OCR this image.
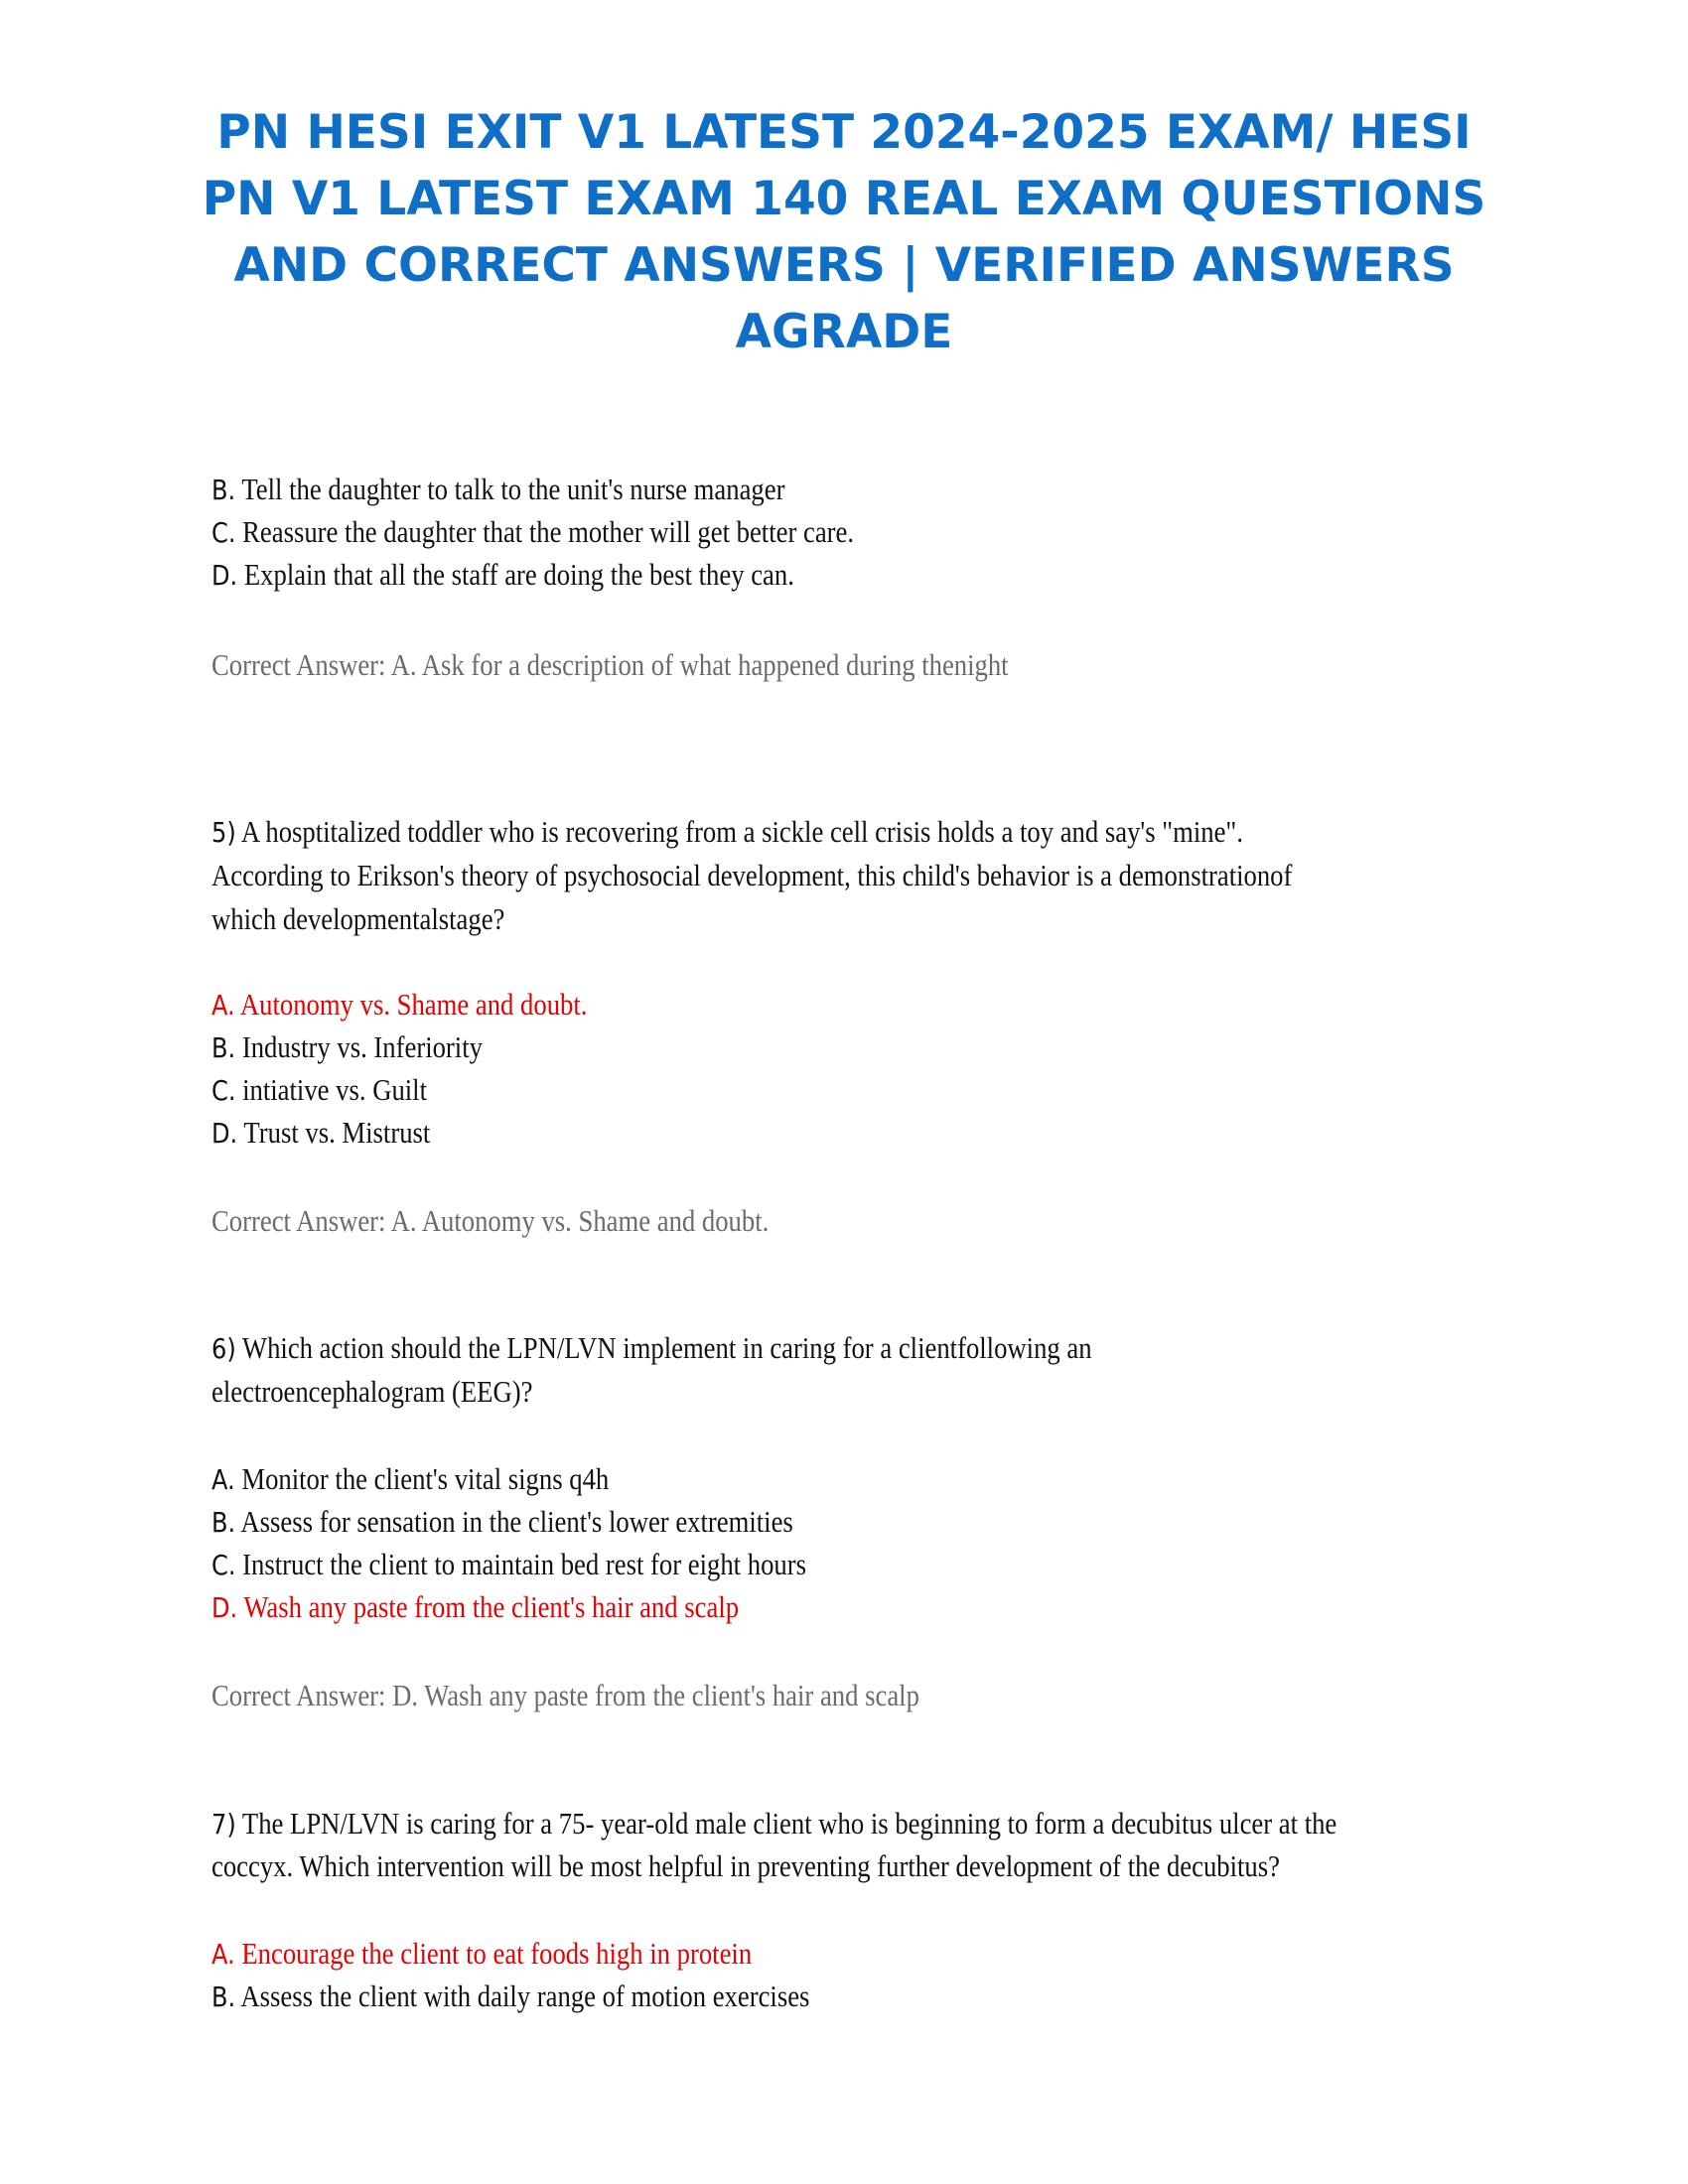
PN HESI EXIT V1 LATEST 2024-2025 EXAM/ HESI
PN V1 LATEST EXAM 140 REAL EXAM QUESTIONS
AND CORRECT ANSWERS | VERIFIED ANSWERS
AGRADE

B. Tell the daughter to talk to the unit's nurse manager

C. Reassure the daughter that the mother will get better care.

D. Explain that all the staff are doing the best they can.

Correct Answer: A. Ask for a description of what happened during thenight

5) A hosptitalized toddler who is recovering from a sickle cell crisis holds a toy and say's "mine".

According to Erikson's theory of psychosocial development, this child's behavior is a demonstrationof

which developmentalstage?

A. Autonomy vs. Shame and doubt.

B. Industry vs. Inferiority

C. intiative vs. Guilt

D. Trust vs. Mistrust

Correct Answer: A. Autonomy vs. Shame and doubt.

6) Which action should the LPN/LVN implement in caring for a clientfollowing an

electroencephalogram (EEG)?

A. Monitor the client's vital signs q4h

B. Assess for sensation in the client's lower extremities

C. Instruct the client to maintain bed rest for eight hours

D. Wash any paste from the client's hair and scalp

Correct Answer: D. Wash any paste from the client's hair and scalp

7) The LPN/LVN is caring for a 75- year-old male client who is beginning to form a decubitus ulcer at the

coccyx. Which intervention will be most helpful in preventing further development of the decubitus?

A. Encourage the client to eat foods high in protein

B. Assess the client with daily range of motion exercises
